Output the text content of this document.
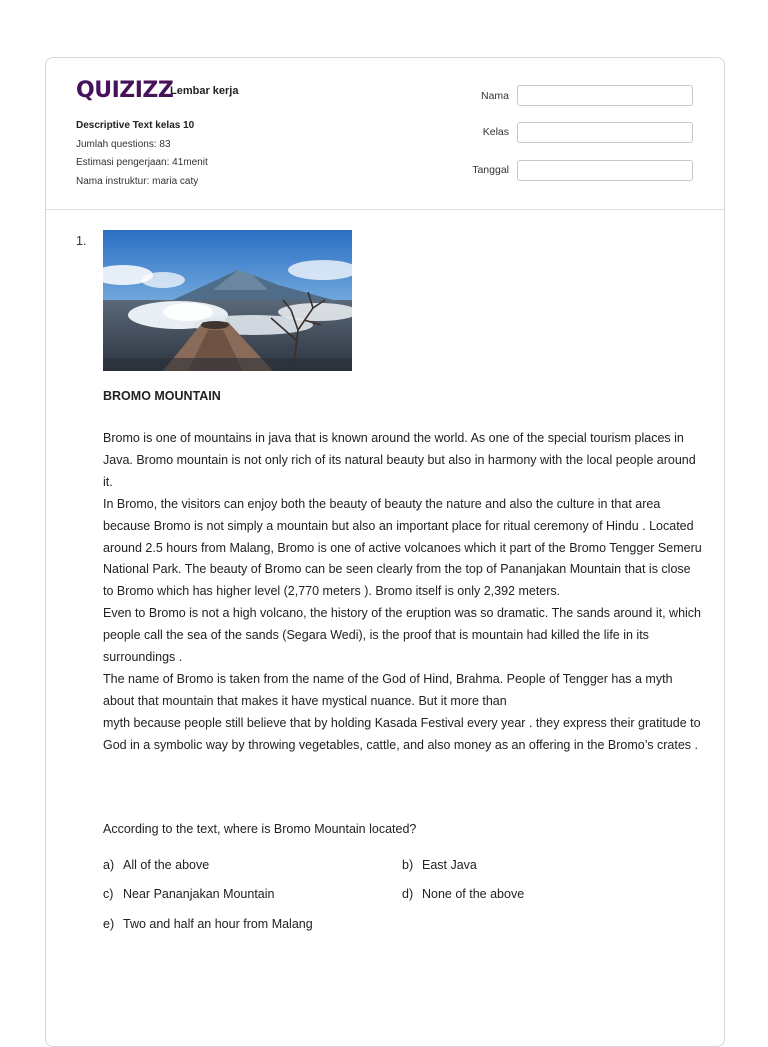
QUIZIZZ
Lembar kerja
Descriptive Text kelas 10
Jumlah questions: 83
Estimasi pengerjaan: 41menit
Nama instruktur: maria caty
Nama
Kelas
Tanggal
1.
BROMO MOUNTAIN

Bromo is one of mountains in java that is known around the world. As one of the special tourism places in Java. Bromo mountain is not only rich of its natural beauty but also in harmony with the local people around it.

In Bromo, the visitors can enjoy both the beauty of beauty the nature and also the culture in that area because Bromo is not simply a mountain but also an important place for ritual ceremony of Hindu . Located around 2.5 hours from Malang, Bromo is one of active volcanoes which it part of the Bromo Tengger Semeru National Park. The beauty of Bromo can be seen clearly from the top of Pananjakan Mountain that is close to Bromo which has higher level (2,770 meters ). Bromo itself is only 2,392 meters.

Even to Bromo is not a high volcano, the history of the eruption was so dramatic. The sands around it, which people call the sea of the sands (Segara Wedi), is the proof that is mountain had killed the life in its surroundings .

The name of Bromo is taken from the name of the God of Hind, Brahma. People of Tengger has a myth about that mountain that makes it have mystical nuance. But it more than

myth because people still believe that by holding Kasada Festival every year . they express their gratitude to God in a symbolic way by throwing vegetables, cattle, and also money as an offering in the Bromo’s crates .

According to the text, where is Bromo Mountain located?
a) All of the above	b) East Java
c) Near Pananjakan Mountain	d) None of the above
e) Two and half an hour from Malang
